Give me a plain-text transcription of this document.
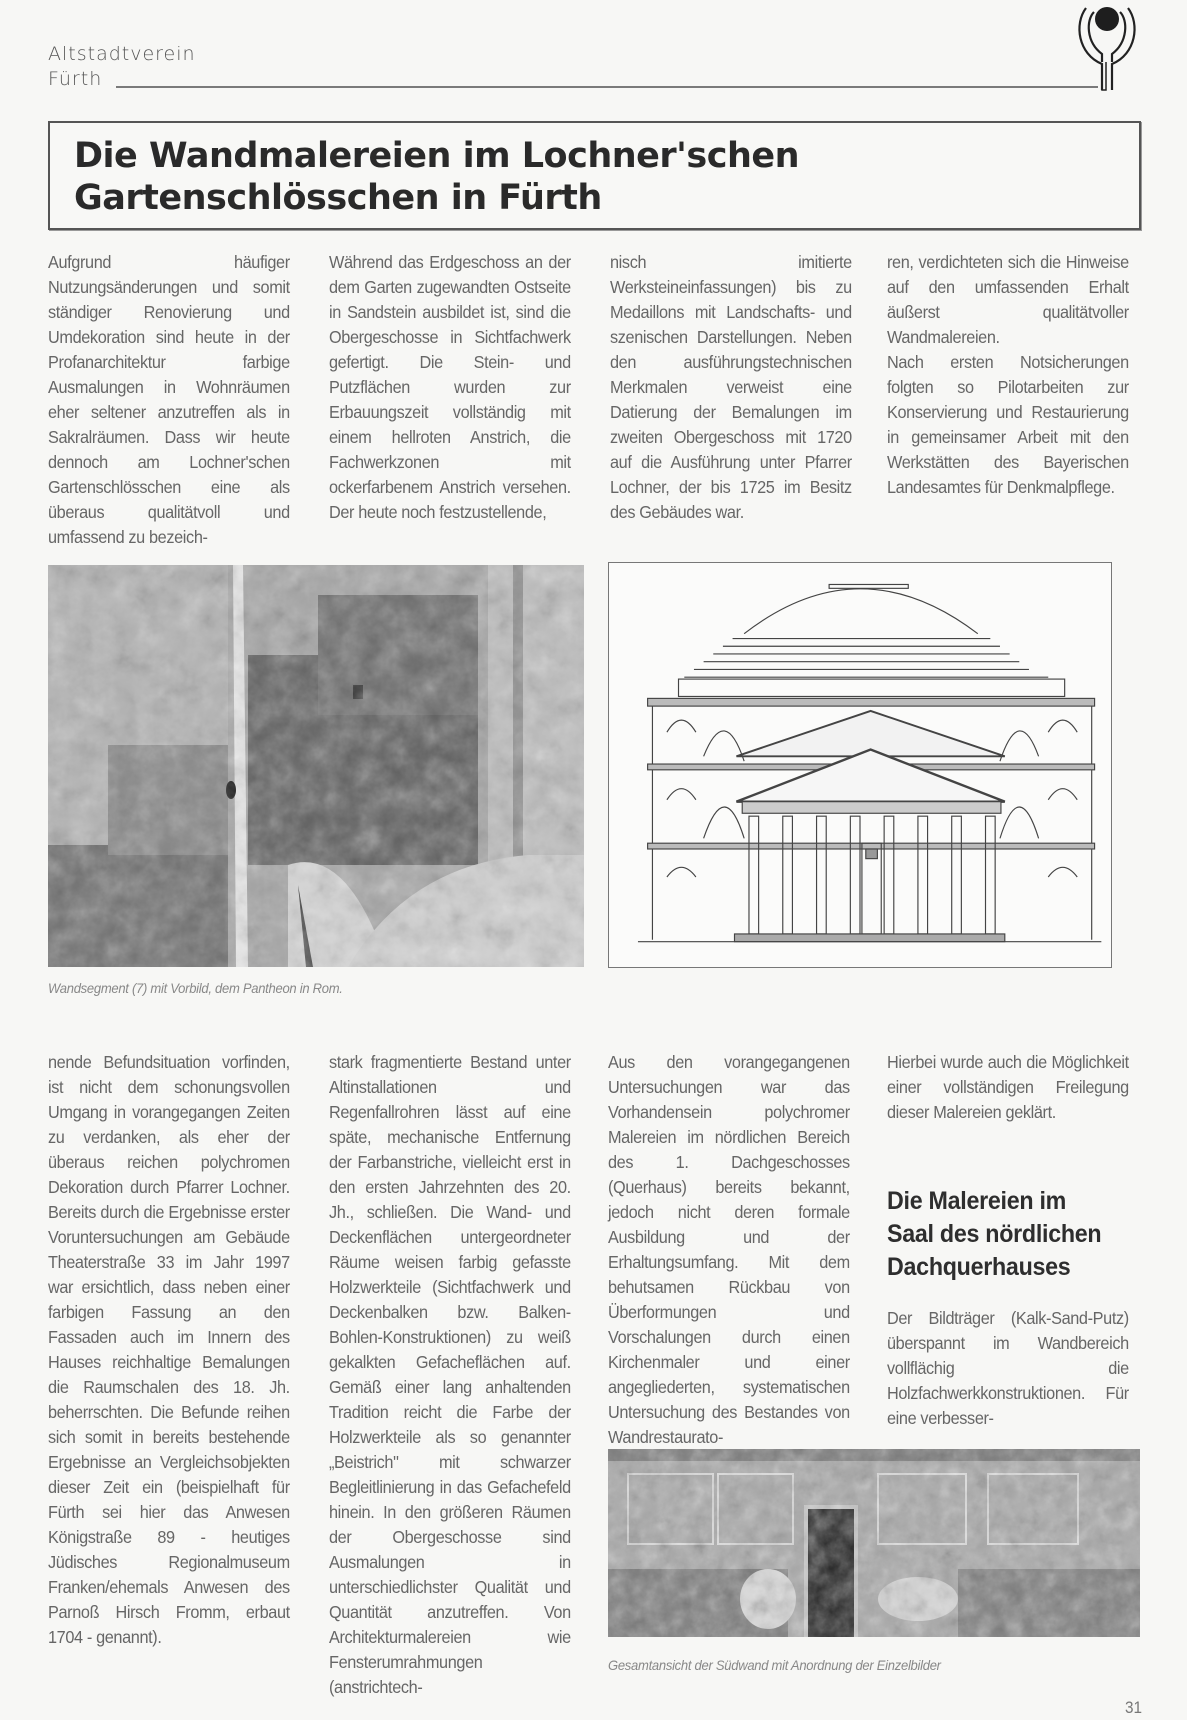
Altstadtverein
Fürth
Die Wandmalereien im Lochner'schen
Gartenschlösschen in Fürth

Aufgrund häufiger Nutzungsänderungen und somit ständiger Renovierung und Umdekoration sind heute in der Profanarchitektur farbige Ausmalungen in Wohnräumen eher seltener anzutreffen als in Sakralräumen. Dass wir heute dennoch am Lochner'schen Gartenschlösschen eine als überaus qualitätvoll und umfassend zu bezeich-

Während das Erdgeschoss an der dem Garten zugewandten Ostseite in Sandstein ausbildet ist, sind die Obergeschosse in Sichtfachwerk gefertigt. Die Stein- und Putzflächen wurden zur Erbauungszeit vollständig mit einem hellroten Anstrich, die Fachwerkzonen mit ockerfarbenem Anstrich versehen. Der heute noch festzustellende,

nisch imitierte Werksteineinfassungen) bis zu Medaillons mit Landschafts- und szenischen Darstellungen. Neben den ausführungstechnischen Merkmalen verweist eine Datierung der Bemalungen im zweiten Obergeschoss mit 1720 auf die Ausführung unter Pfarrer Lochner, der bis 1725 im Besitz des Gebäudes war.

ren, verdichteten sich die Hinweise auf den umfassenden Erhalt äußerst qualitätvoller Wandmalereien.

Nach ersten Notsicherungen folgten so Pilotarbeiten zur Konservierung und Restaurierung in gemeinsamer Arbeit mit den Werkstätten des Bayerischen Landesamtes für Denkmalpflege.

Wandsegment (7) mit Vorbild, dem Pantheon in Rom.

nende Befundsituation vorfinden, ist nicht dem schonungsvollen Umgang in vorangegangen Zeiten zu verdanken, als eher der überaus reichen polychromen Dekoration durch Pfarrer Lochner. Bereits durch die Ergebnisse erster Voruntersuchungen am Gebäude Theaterstraße 33 im Jahr 1997 war ersichtlich, dass neben einer farbigen Fassung an den Fassaden auch im Innern des Hauses reichhaltige Bemalungen die Raumschalen des 18. Jh. beherrschten. Die Befunde reihen sich somit in bereits bestehende Ergebnisse an Vergleichsobjekten dieser Zeit ein (beispielhaft für Fürth sei hier das Anwesen Königstraße 89 - heutiges Jüdisches Regionalmuseum Franken/ehemals Anwesen des Parnoß Hirsch Fromm, erbaut 1704 - genannt).

stark fragmentierte Bestand unter Altinstallationen und Regenfallrohren lässt auf eine späte, mechanische Entfernung der Farbanstriche, vielleicht erst in den ersten Jahrzehnten des 20. Jh., schließen. Die Wand- und Deckenflächen untergeordneter Räume weisen farbig gefasste Holzwerkteile (Sichtfachwerk und Deckenbalken bzw. Balken-Bohlen-Konstruktionen) zu weiß gekalkten Gefacheflächen auf. Gemäß einer lang anhaltenden Tradition reicht die Farbe der Holzwerkteile als so genannter „Beistrich" mit schwarzer Begleitlinierung in das Gefachefeld hinein. In den größeren Räumen der Obergeschosse sind Ausmalungen in unterschiedlichster Qualität und Quantität anzutreffen. Von Architekturmalereien wie Fensterumrahmungen (anstrichtech-

Aus den vorangegangenen Untersuchungen war das Vorhandensein polychromer Malereien im nördlichen Bereich des 1. Dachgeschosses (Querhaus) bereits bekannt, jedoch nicht deren formale Ausbildung und der Erhaltungsumfang. Mit dem behutsamen Rückbau von Überformungen und Vorschalungen durch einen Kirchenmaler und einer angegliederten, systematischen Untersuchung des Bestandes von Wandrestaurato-

Hierbei wurde auch die Möglichkeit einer vollständigen Freilegung dieser Malereien geklärt.

Die Malereien im
Saal des nördlichen
Dachquerhauses

Der Bildträger (Kalk-Sand-Putz) überspannt im Wandbereich vollflächig die Holzfachwerkkonstruktionen. Für eine verbesser-

Gesamtansicht der Südwand mit Anordnung der Einzelbilder
31
